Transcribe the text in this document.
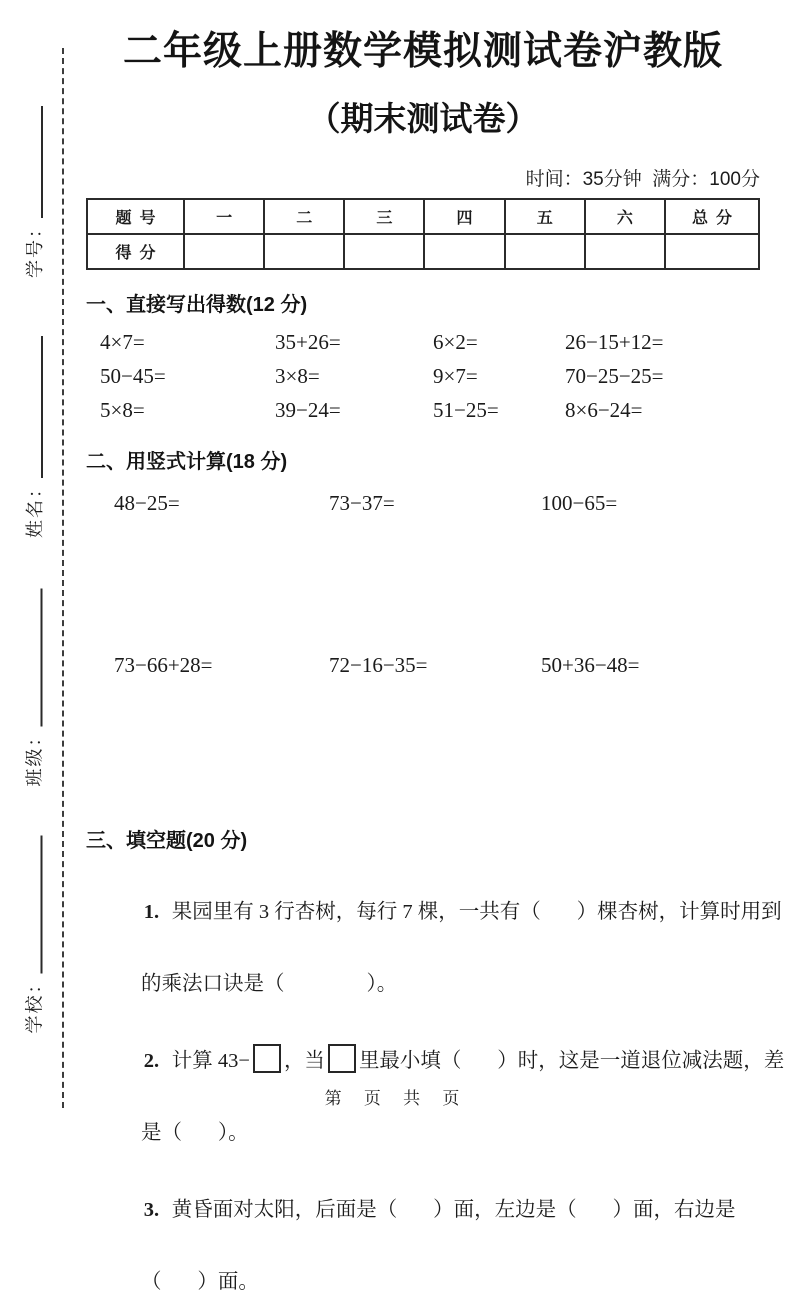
学号：
姓名：
班级：
学校：
二年级上册数学模拟测试卷沪教版
（期末测试卷）
时间：35分钟  满分：100分
题  号	一	二	三	四	五	六	总  分
得  分							
一、直接写出得数(12 分)
4×7=	35+26=	6×2=	26−15+12=
50−45=	3×8=	9×7=	70−25−25=
5×8=	39−24=	51−25=	8×6−24=
二、用竖式计算(18 分)
48−25=	73−37=	100−65=
73−66+28=	72−16−35=	50+36−48=
三、填空题(20 分)

1. 果园里有 3 行杏树，每行 7 棵，一共有（       ）棵杏树，计算时用到

的乘法口诀是（                ）。

2. 计算 43− ，当 里最小填（       ）时，这是一道退位减法题，差

是（       ）。

3. 黄昏面对太阳，后面是（       ）面，左边是（       ）面，右边是

（       ）面。
第 页 共 页
